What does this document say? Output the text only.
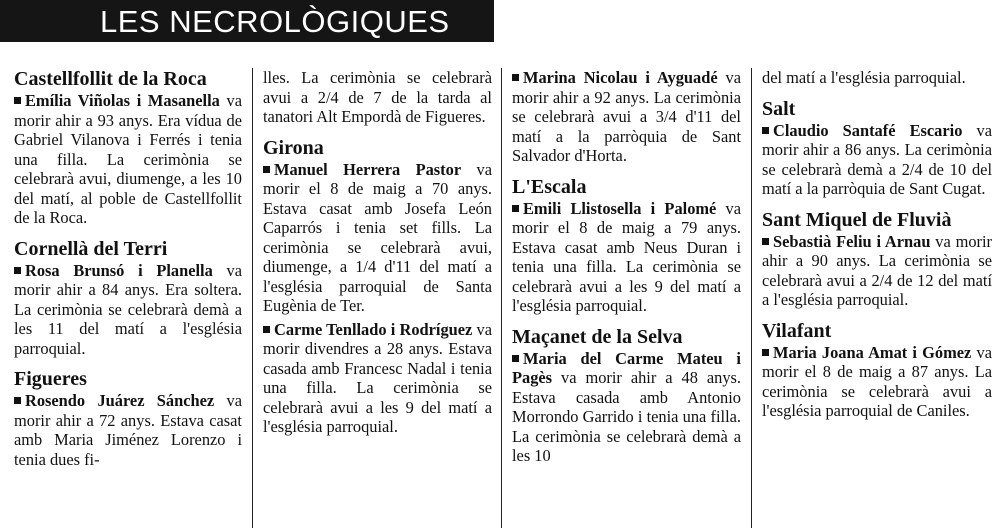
LES NECROLÒGIQUES
Castellfollit de la Roca

Emília Viñolas i Masanella va morir ahir a 93 anys. Era vídua de Gabriel Vilanova i Ferrés i tenia una filla. La cerimònia se celebrarà avui, diumenge, a les 10 del matí, al poble de Castellfollit de la Roca.

Cornellà del Terri

Rosa Brunsó i Planella va morir ahir a 84 anys. Era soltera. La cerimònia se celebrarà demà a les 11 del matí a l'església parroquial.

Figueres

Rosendo Juárez Sánchez va morir ahir a 72 anys. Estava casat amb Maria Jiménez Lorenzo i tenia dues fi-

lles. La cerimònia se celebrarà avui a 2/4 de 7 de la tarda al tanatori Alt Empordà de Figueres.

Girona

Manuel Herrera Pastor va morir el 8 de maig a 70 anys. Estava casat amb Josefa León Caparrós i tenia set fills. La cerimònia se celebrarà avui, diumenge, a 1/4 d'11 del matí a l'església parroquial de Santa Eugènia de Ter.

Carme Tenllado i Rodríguez va morir divendres a 28 anys. Estava casada amb Francesc Nadal i tenia una filla. La cerimònia se celebrarà avui a les 9 del matí a l'església parroquial.

Marina Nicolau i Ayguadé va morir ahir a 92 anys. La cerimònia se celebrarà avui a 3/4 d'11 del matí a la parròquia de Sant Salvador d'Horta.

L'Escala

Emili Llistosella i Palomé va morir el 8 de maig a 79 anys. Estava casat amb Neus Duran i tenia una filla. La cerimònia se celebrarà avui a les 9 del matí a l'església parroquial.

Maçanet de la Selva

Maria del Carme Mateu i Pagès va morir ahir a 48 anys. Estava casada amb Antonio Morrondo Garrido i tenia una filla. La cerimònia se celebrarà demà a les 10

del matí a l'església parroquial.

Salt

Claudio Santafé Escario va morir ahir a 86 anys. La cerimònia se celebrarà demà a 2/4 de 10 del matí a la parròquia de Sant Cugat.

Sant Miquel de Fluvià

Sebastià Feliu i Arnau va morir ahir a 90 anys. La cerimònia se celebrarà avui a 2/4 de 12 del matí a l'església parroquial.

Vilafant

Maria Joana Amat i Gómez va morir el 8 de maig a 87 anys. La cerimònia se celebrarà avui a l'església parroquial de Caniles.
